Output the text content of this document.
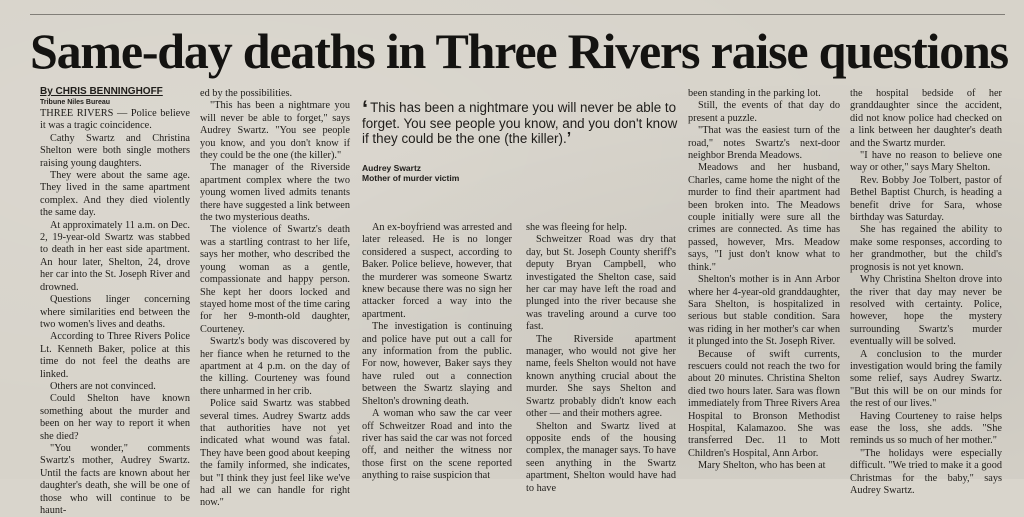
Same-day deaths in Three Rivers raise questions
By CHRIS BENNINGHOFF
Tribune Niles Bureau

THREE RIVERS — Police believe it was a tragic coincidence.

Cathy Swartz and Christina Shelton were both single mothers raising young daughters.

They were about the same age. They lived in the same apartment complex. And they died violently the same day.

At approximately 11 a.m. on Dec. 2, 19-year-old Swartz was stabbed to death in her east side apartment. An hour later, Shelton, 24, drove her car into the St. Joseph River and drowned.

Questions linger concerning where similarities end between the two women's lives and deaths.

According to Three Rivers Police Lt. Kenneth Baker, police at this time do not feel the deaths are linked.

Others are not convinced.

Could Shelton have known something about the murder and been on her way to report it when she died?

"You wonder," comments Swartz's mother, Audrey Swartz. Until the facts are known about her daughter's death, she will be one of those who will continue to be haunt-

ed by the possibilities.

"This has been a nightmare you will never be able to forget," says Audrey Swartz. "You see people you know, and you don't know if they could be the one (the killer)."

The manager of the Riverside apartment complex where the two young women lived admits tenants there have suggested a link between the two mysterious deaths.

The violence of Swartz's death was a startling contrast to her life, says her mother, who described the young woman as a gentle, compassionate and happy person. She kept her doors locked and stayed home most of the time caring for her 9-month-old daughter, Courteney.

Swartz's body was discovered by her fiance when he returned to the apartment at 4 p.m. on the day of the killing. Courteney was found there unharmed in her crib.

Police said Swartz was stabbed several times. Audrey Swartz adds that authorities have not yet indicated what wound was fatal. They have been good about keeping the family informed, she indicates, but "I think they just feel like we've had all we can handle for right now."

‘ This has been a nightmare you will never be able to forget. You see people you know, and you don't know if they could be the one (the killer).’

Audrey Swartz
Mother of murder victim

An ex-boyfriend was arrested and later released. He is no longer considered a suspect, according to Baker. Police believe, however, that the murderer was someone Swartz knew because there was no sign her attacker forced a way into the apartment.

The investigation is continuing and police have put out a call for any information from the public. For now, however, Baker says they have ruled out a connection between the Swartz slaying and Shelton's drowning death.

A woman who saw the car veer off Schweitzer Road and into the river has said the car was not forced off, and neither the witness nor those first on the scene reported anything to raise suspicion that

she was fleeing for help.

Schweitzer Road was dry that day, but St. Joseph County sheriff's deputy Bryan Campbell, who investigated the Shelton case, said her car may have left the road and plunged into the river because she was traveling around a curve too fast.

The Riverside apartment manager, who would not give her name, feels Shelton would not have known anything crucial about the murder. She says Shelton and Swartz probably didn't know each other — and their mothers agree.

Shelton and Swartz lived at opposite ends of the housing complex, the manager says. To have seen anything in the Swartz apartment, Shelton would have had to have

been standing in the parking lot.

Still, the events of that day do present a puzzle.

"That was the easiest turn of the road," notes Swartz's next-door neighbor Brenda Meadows.

Meadows and her husband, Charles, came home the night of the murder to find their apartment had been broken into. The Meadows couple initially were sure all the crimes are connected. As time has passed, however, Mrs. Meadow says, "I just don't know what to think."

Shelton's mother is in Ann Arbor where her 4-year-old granddaughter, Sara Shelton, is hospitalized in serious but stable condition. Sara was riding in her mother's car when it plunged into the St. Joseph River.

Because of swift currents, rescuers could not reach the two for about 20 minutes. Christina Shelton died two hours later. Sara was flown immediately from Three Rivers Area Hospital to Bronson Methodist Hospital, Kalamazoo. She was transferred Dec. 11 to Mott Children's Hospital, Ann Arbor.

Mary Shelton, who has been at

the hospital bedside of her granddaughter since the accident, did not know police had checked on a link between her daughter's death and the Swartz murder.

"I have no reason to believe one way or other," says Mary Shelton.

Rev. Bobby Joe Tolbert, pastor of Bethel Baptist Church, is heading a benefit drive for Sara, whose birthday was Saturday.

She has regained the ability to make some responses, according to her grandmother, but the child's prognosis is not yet known.

Why Christina Shelton drove into the river that day may never be resolved with certainty. Police, however, hope the mystery surrounding Swartz's murder eventually will be solved.

A conclusion to the murder investigation would bring the family some relief, says Audrey Swartz. "But this will be on our minds for the rest of our lives."

Having Courteney to raise helps ease the loss, she adds. "She reminds us so much of her mother."

"The holidays were especially difficult. "We tried to make it a good Christmas for the baby," says Audrey Swartz.
